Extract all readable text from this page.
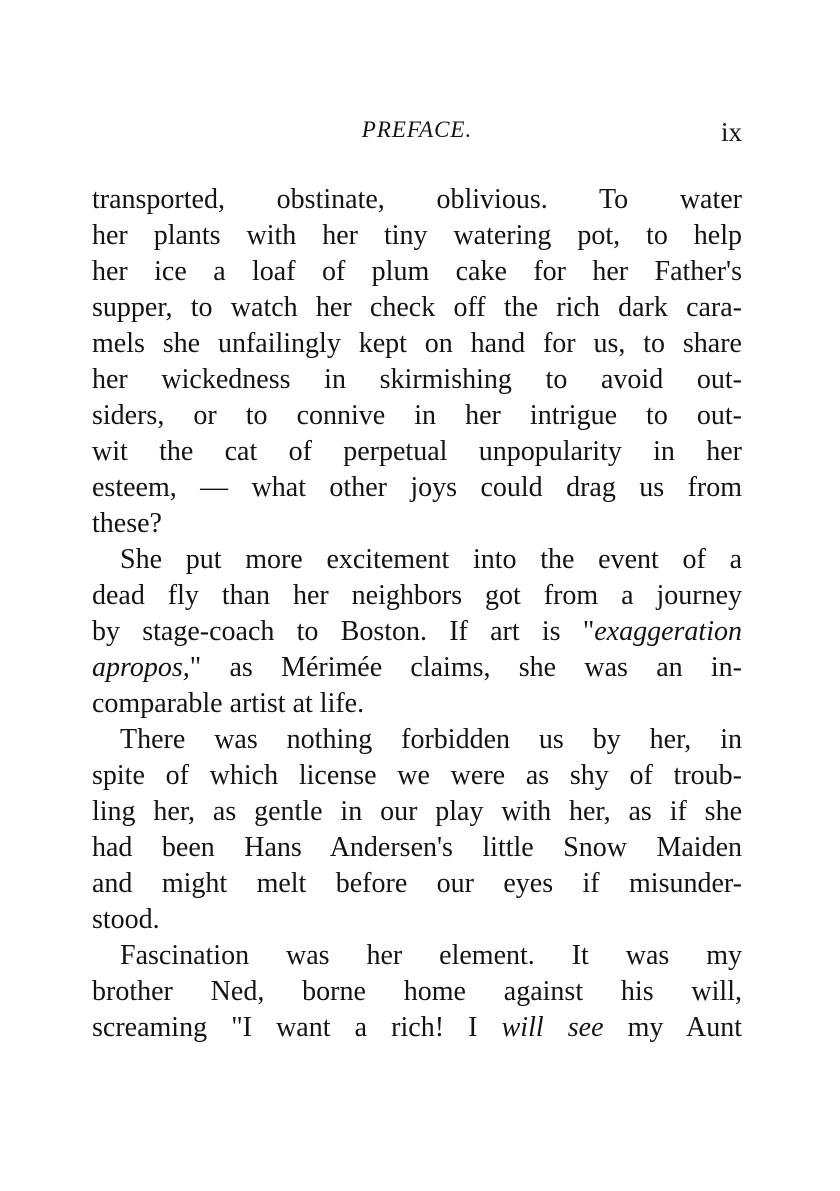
PREFACE.	ix
transported, obstinate, oblivious. To water
her plants with her tiny watering pot, to help
her ice a loaf of plum cake for her Father's
supper, to watch her check off the rich dark cara-
mels she unfailingly kept on hand for us, to share
her wickedness in skirmishing to avoid out-
siders, or to connive in her intrigue to out-
wit the cat of perpetual unpopularity in her
esteem, — what other joys could drag us from
these?
She put more excitement into the event of a
dead fly than her neighbors got from a journey
by stage-coach to Boston. If art is "exaggeration
apropos," as Mérimée claims, she was an in-
comparable artist at life.
There was nothing forbidden us by her, in
spite of which license we were as shy of troub-
ling her, as gentle in our play with her, as if she
had been Hans Andersen's little Snow Maiden
and might melt before our eyes if misunder-
stood.
Fascination was her element. It was my
brother Ned, borne home against his will,
screaming "I want a rich! I will see my Aunt
